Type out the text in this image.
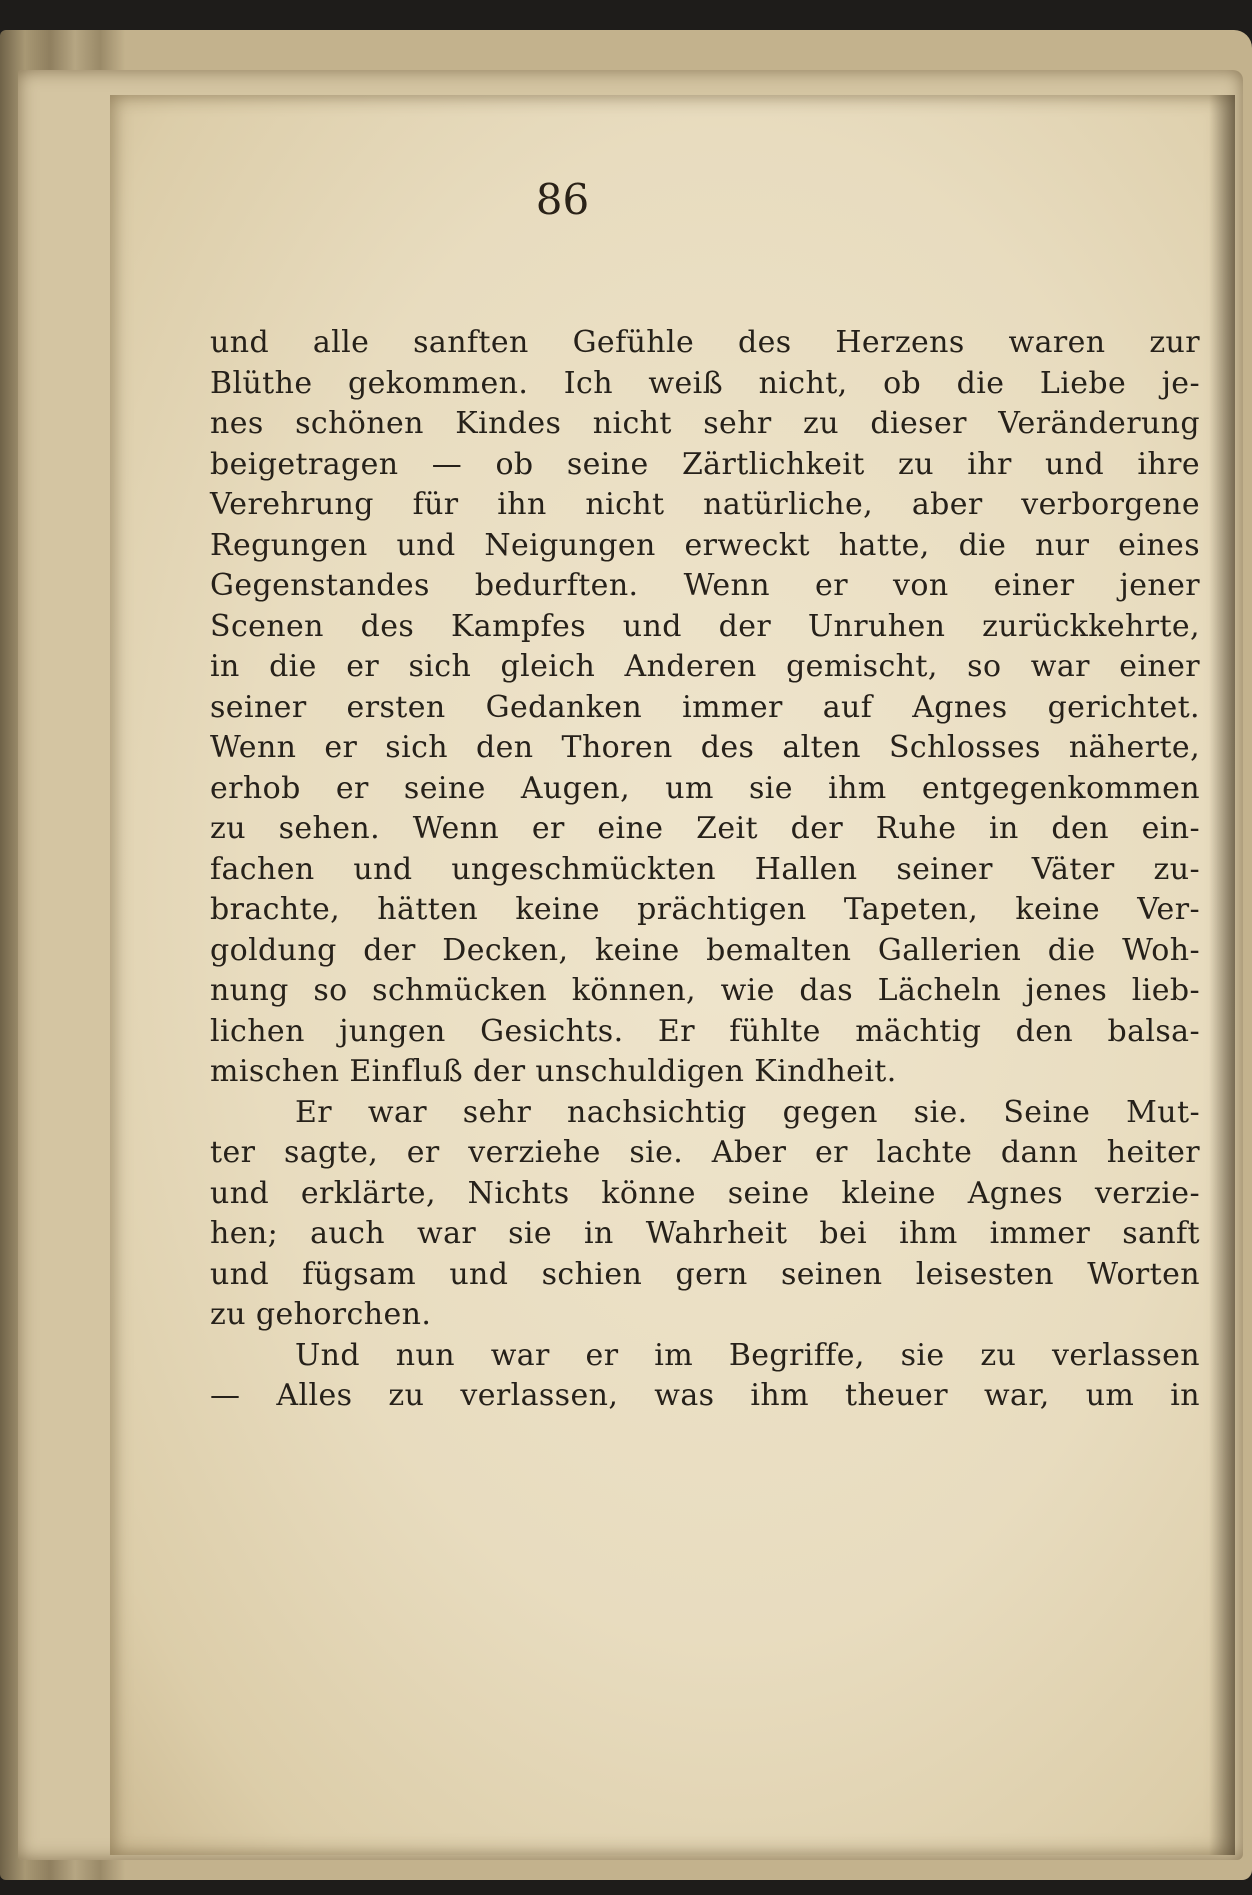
86
und alle sanften Gefühle des Herzens waren zur
Blüthe gekommen. Ich weiß nicht, ob die Liebe je-
nes schönen Kindes nicht sehr zu dieser Veränderung
beigetragen — ob seine Zärtlichkeit zu ihr und ihre
Verehrung für ihn nicht natürliche, aber verborgene
Regungen und Neigungen erweckt hatte, die nur eines
Gegenstandes bedurften. Wenn er von einer jener
Scenen des Kampfes und der Unruhen zurückkehrte,
in die er sich gleich Anderen gemischt, so war einer
seiner ersten Gedanken immer auf Agnes gerichtet.
Wenn er sich den Thoren des alten Schlosses näherte,
erhob er seine Augen, um sie ihm entgegenkommen
zu sehen. Wenn er eine Zeit der Ruhe in den ein-
fachen und ungeschmückten Hallen seiner Väter zu-
brachte, hätten keine prächtigen Tapeten, keine Ver-
goldung der Decken, keine bemalten Gallerien die Woh-
nung so schmücken können, wie das Lächeln jenes lieb-
lichen jungen Gesichts. Er fühlte mächtig den balsa-
mischen Einfluß der unschuldigen Kindheit.
Er war sehr nachsichtig gegen sie. Seine Mut-
ter sagte, er verziehe sie. Aber er lachte dann heiter
und erklärte, Nichts könne seine kleine Agnes verzie-
hen; auch war sie in Wahrheit bei ihm immer sanft
und fügsam und schien gern seinen leisesten Worten
zu gehorchen.
Und nun war er im Begriffe, sie zu verlassen
— Alles zu verlassen, was ihm theuer war, um in
